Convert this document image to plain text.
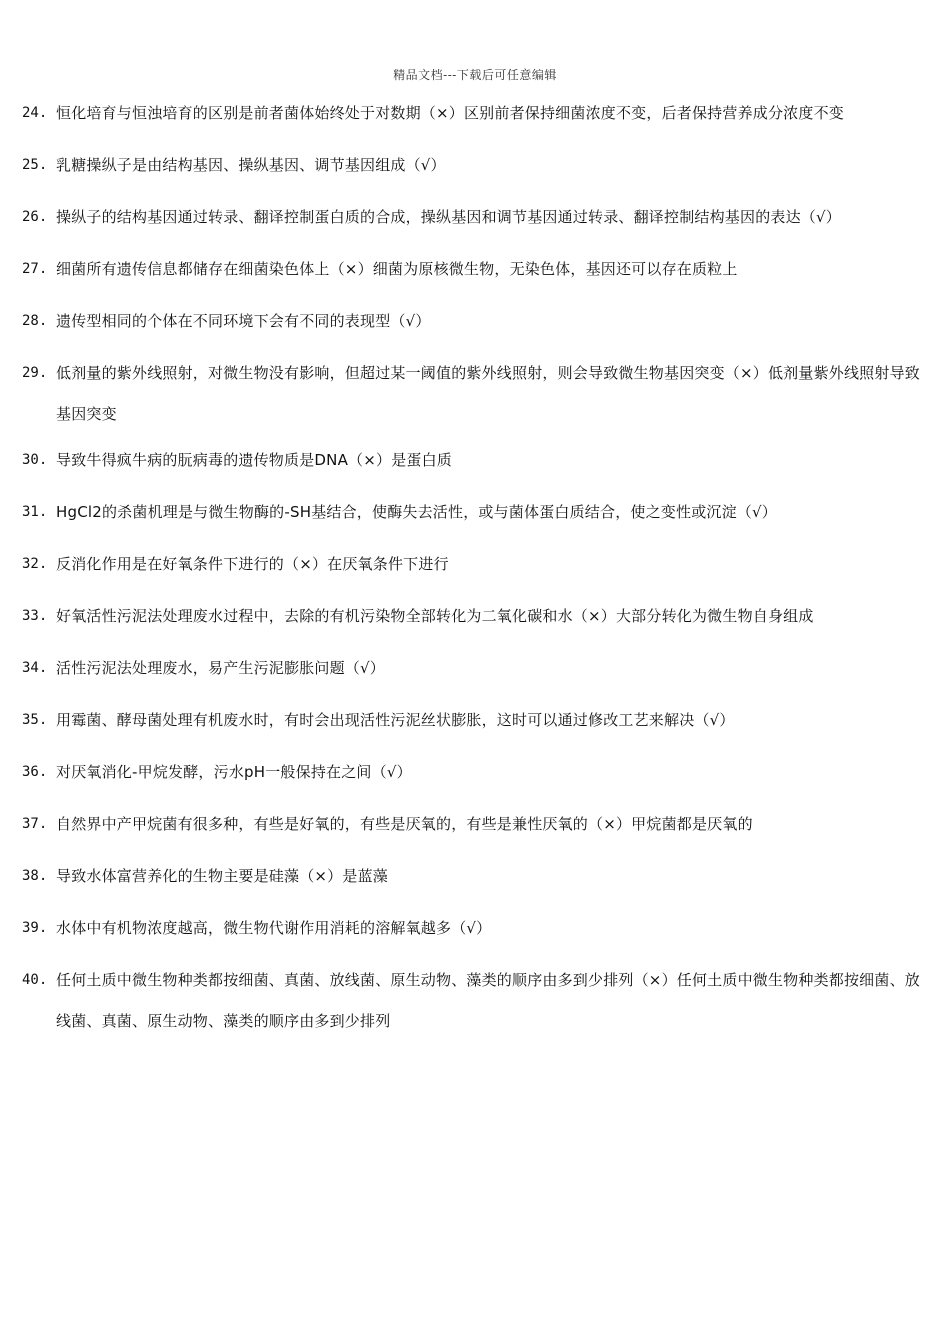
精品文档---下载后可任意编辑
24. 恒化培育与恒浊培育的区别是前者菌体始终处于对数期（×）区别前者保持细菌浓度不变，后者保持营养成分浓度不变
25. 乳糖操纵子是由结构基因、操纵基因、调节基因组成（√）
26. 操纵子的结构基因通过转录、翻译控制蛋白质的合成，操纵基因和调节基因通过转录、翻译控制结构基因的表达（√）
27. 细菌所有遗传信息都储存在细菌染色体上（×）细菌为原核微生物，无染色体，基因还可以存在质粒上
28. 遗传型相同的个体在不同环境下会有不同的表现型（√）
29. 低剂量的紫外线照射，对微生物没有影响，但超过某一阈值的紫外线照射，则会导致微生物基因突变（×）低剂量紫外线照射导致基因突变
30. 导致牛得疯牛病的朊病毒的遗传物质是DNA（×）是蛋白质
31. HgCl2的杀菌机理是与微生物酶的-SH基结合，使酶失去活性，或与菌体蛋白质结合，使之变性或沉淀（√）
32. 反消化作用是在好氧条件下进行的（×）在厌氧条件下进行
33. 好氧活性污泥法处理废水过程中，去除的有机污染物全部转化为二氧化碳和水（×）大部分转化为微生物自身组成
34. 活性污泥法处理废水，易产生污泥膨胀问题（√）
35. 用霉菌、酵母菌处理有机废水时，有时会出现活性污泥丝状膨胀，这时可以通过修改工艺来解决（√）
36. 对厌氧消化-甲烷发酵，污水pH一般保持在之间（√）
37. 自然界中产甲烷菌有很多种，有些是好氧的，有些是厌氧的，有些是兼性厌氧的（×）甲烷菌都是厌氧的
38. 导致水体富营养化的生物主要是硅藻（×）是蓝藻
39. 水体中有机物浓度越高，微生物代谢作用消耗的溶解氧越多（√）
40. 任何土质中微生物种类都按细菌、真菌、放线菌、原生动物、藻类的顺序由多到少排列（×）任何土质中微生物种类都按细菌、放线菌、真菌、原生动物、藻类的顺序由多到少排列
